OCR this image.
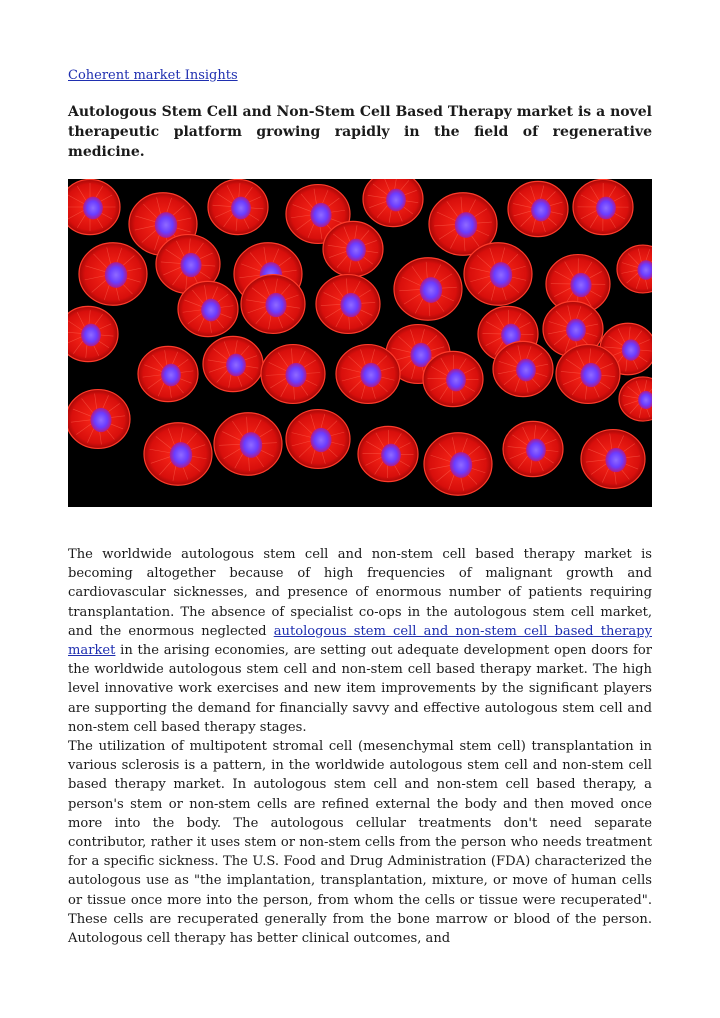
Coherent market Insights
Autologous Stem Cell and Non-Stem Cell Based Therapy market is a novel therapeutic platform growing rapidly in the field of regenerative medicine.

The worldwide autologous stem cell and non-stem cell based therapy market is becoming altogether because of high frequencies of malignant growth and cardiovascular sicknesses, and presence of enormous number of patients requiring transplantation. The absence of specialist co-ops in the autologous stem cell market, and the enormous neglected autologous stem cell and non-stem cell based therapy market in the arising economies, are setting out adequate development open doors for the worldwide autologous stem cell and non-stem cell based therapy market. The high level innovative work exercises and new item improvements by the significant players are supporting the demand for financially savvy and effective autologous stem cell and non-stem cell based therapy stages.

The utilization of multipotent stromal cell (mesenchymal stem cell) transplantation in various sclerosis is a pattern, in the worldwide autologous stem cell and non-stem cell based therapy market. In autologous stem cell and non-stem cell based therapy, a person's stem or non-stem cells are refined external the body and then moved once more into the body. The autologous cellular treatments don't need separate contributor, rather it uses stem or non-stem cells from the person who needs treatment for a specific sickness. The U.S. Food and Drug Administration (FDA) characterized the autologous use as "the implantation, transplantation, mixture, or move of human cells or tissue once more into the person, from whom the cells or tissue were recuperated". These cells are recuperated generally from the bone marrow or blood of the person. Autologous cell therapy has better clinical outcomes, and
